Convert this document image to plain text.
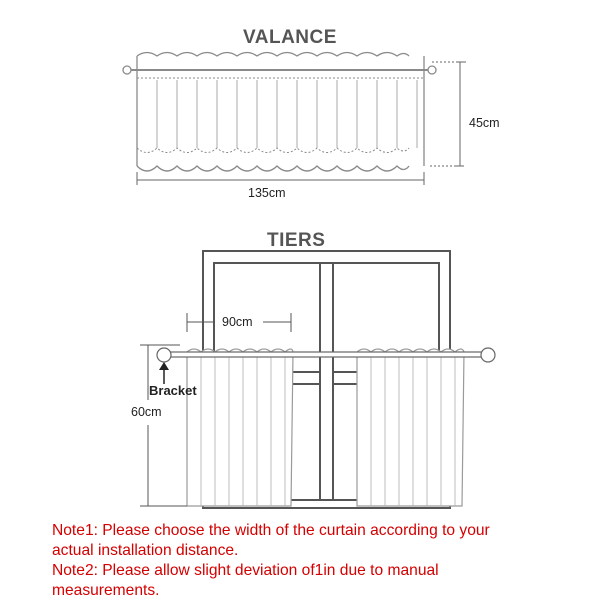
VALANCE
45cm
135cm
TIERS
90cm
Bracket
60cm
Note1: Please choose the width of the curtain according to your
actual installation distance.
Note2: Please allow slight deviation of1in due to manual
measurements.
